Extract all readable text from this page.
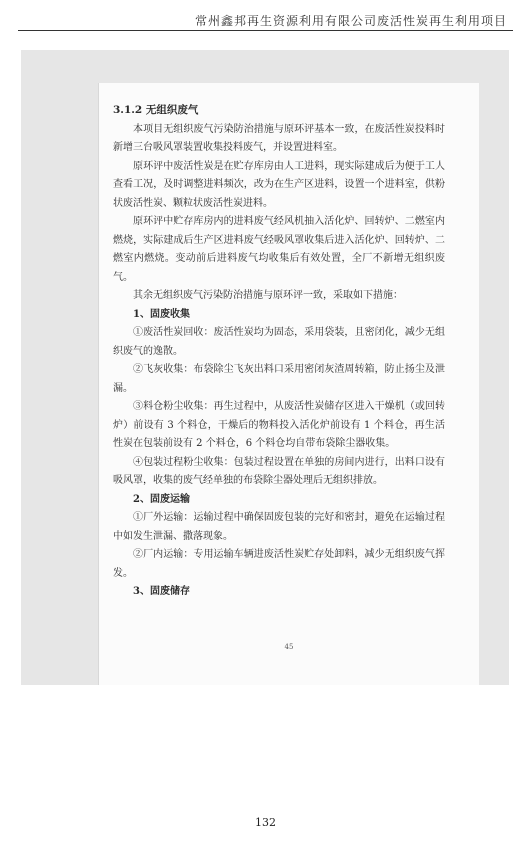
常州鑫邦再生资源利用有限公司废活性炭再生利用项目

3.1.2 无组织废气

本项目无组织废气污染防治措施与原环评基本一致，在废活性炭投料时新增三台吸风罩装置收集投料废气，并设置进料室。

原环评中废活性炭是在贮存库房由人工进料，现实际建成后为便于工人查看工况，及时调整进料频次，改为在生产区进料，设置一个进料室，供粉状废活性炭、颗粒状废活性炭进料。

原环评中贮存库房内的进料废气经风机抽入活化炉、回转炉、二燃室内燃烧，实际建成后生产区进料废气经吸风罩收集后进入活化炉、回转炉、二燃室内燃烧。变动前后进料废气均收集后有效处置，全厂不新增无组织废气。

其余无组织废气污染防治措施与原环评一致，采取如下措施：

1、固废收集

①废活性炭回收：废活性炭均为固态，采用袋装，且密闭化，减少无组织废气的逸散。

②飞灰收集：布袋除尘飞灰出料口采用密闭灰渣周转箱，防止扬尘及泄漏。

③料仓粉尘收集：再生过程中，从废活性炭储存区进入干燥机（或回转炉）前设有 3 个料仓，干燥后的物料投入活化炉前设有 1 个料仓，再生活性炭在包装前设有 2 个料仓，6 个料仓均自带布袋除尘器收集。

④包装过程粉尘收集：包装过程设置在单独的房间内进行，出料口设有吸风罩，收集的废气经单独的布袋除尘器处理后无组织排放。

2、固废运输

①厂外运输：运输过程中确保固废包装的完好和密封，避免在运输过程中如发生泄漏、撒落现象。

②厂内运输：专用运输车辆进废活性炭贮存处卸料，减少无组织废气挥发。

3、固废储存

45
132
